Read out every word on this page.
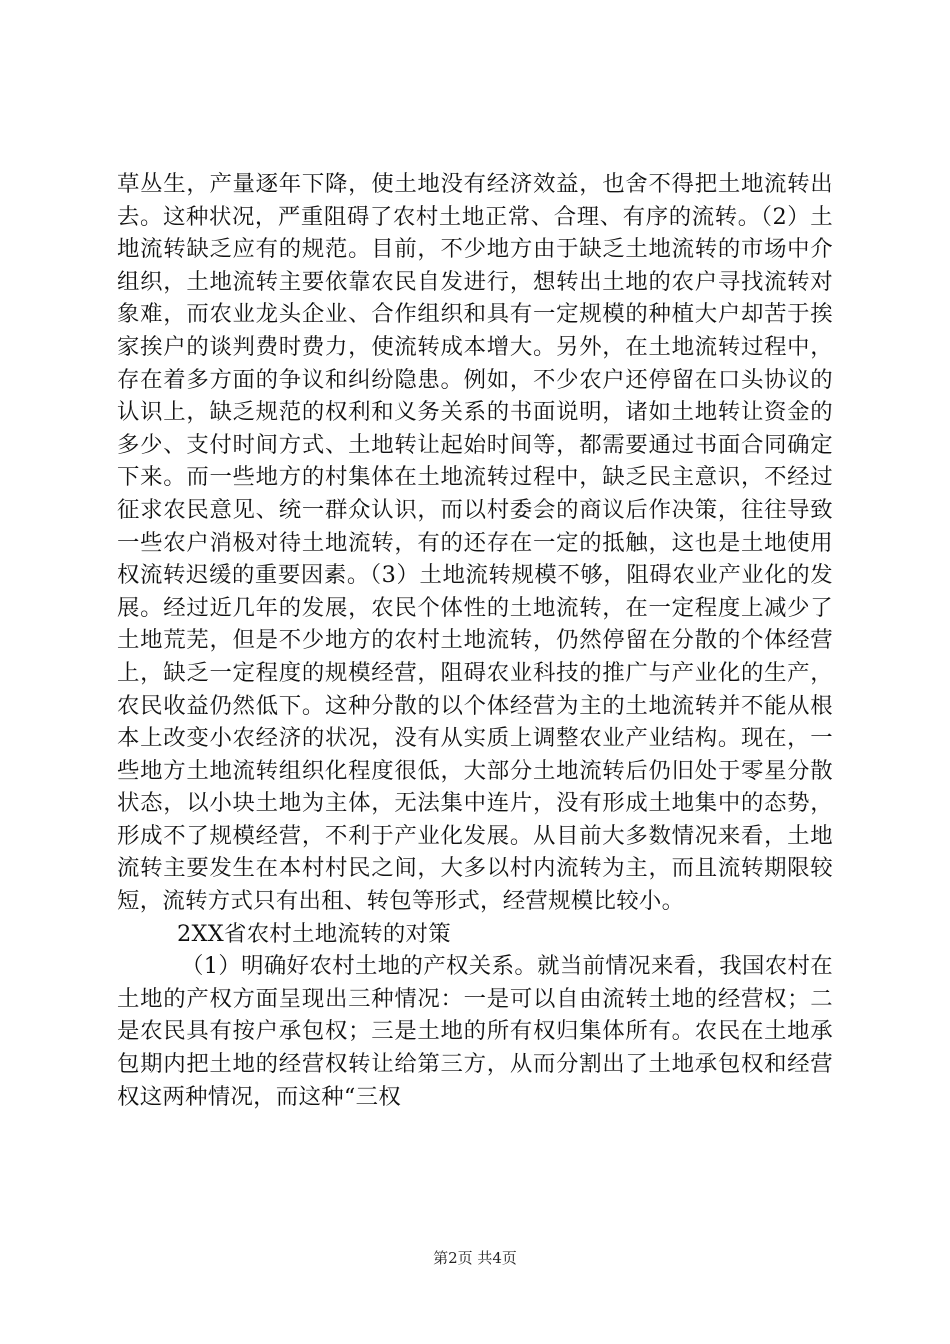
草丛生，产量逐年下降，使土地没有经济效益，也舍不得把土地流转出去。这种状况，严重阻碍了农村土地正常、合理、有序的流转。（2）土地流转缺乏应有的规范。目前，不少地方由于缺乏土地流转的市场中介组织，土地流转主要依靠农民自发进行，想转出土地的农户寻找流转对象难，而农业龙头企业、合作组织和具有一定规模的种植大户却苦于挨家挨户的谈判费时费力，使流转成本增大。另外，在土地流转过程中，存在着多方面的争议和纠纷隐患。例如，不少农户还停留在口头协议的认识上，缺乏规范的权利和义务关系的书面说明，诸如土地转让资金的多少、支付时间方式、土地转让起始时间等，都需要通过书面合同确定下来。而一些地方的村集体在土地流转过程中，缺乏民主意识，不经过征求农民意见、统一群众认识，而以村委会的商议后作决策，往往导致一些农户消极对待土地流转，有的还存在一定的抵触，这也是土地使用权流转迟缓的重要因素。（3）土地流转规模不够，阻碍农业产业化的发展。经过近几年的发展，农民个体性的土地流转，在一定程度上减少了土地荒芜，但是不少地方的农村土地流转，仍然停留在分散的个体经营上，缺乏一定程度的规模经营，阻碍农业科技的推广与产业化的生产，农民收益仍然低下。这种分散的以个体经营为主的土地流转并不能从根本上改变小农经济的状况，没有从实质上调整农业产业结构。现在，一些地方土地流转组织化程度很低，大部分土地流转后仍旧处于零星分散状态，以小块土地为主体，无法集中连片，没有形成土地集中的态势，形成不了规模经营，不利于产业化发展。从目前大多数情况来看，土地流转主要发生在本村村民之间，大多以村内流转为主，而且流转期限较短，流转方式只有出租、转包等形式，经营规模比较小。

2XX省农村土地流转的对策

（1）明确好农村土地的产权关系。就当前情况来看，我国农村在土地的产权方面呈现出三种情况：一是可以自由流转土地的经营权；二是农民具有按户承包权；三是土地的所有权归集体所有。农民在土地承包期内把土地的经营权转让给第三方，从而分割出了土地承包权和经营权这两种情况，而这种“三权

第2页 共4页
